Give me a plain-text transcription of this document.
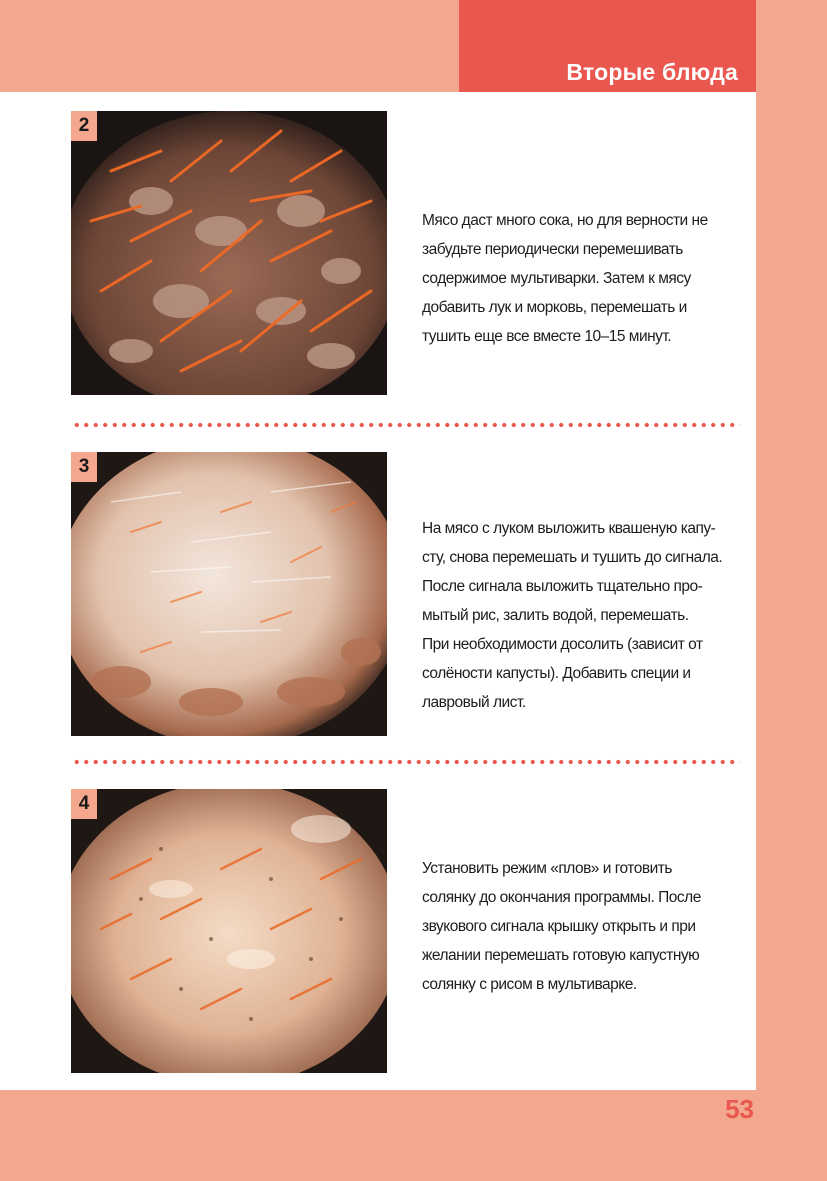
Вторые блюда
2
Мясо даст много сока, но для верности не
забудьте периодически перемешивать
содержимое мультиварки. Затем к мясу
добавить лук и морковь, перемешать и
тушить еще все вместе 10–15 минут.
3
На мясо с луком выложить квашеную капу-
сту, снова перемешать и тушить до сигнала.
После сигнала выложить тщательно про-
мытый рис, залить водой, перемешать.
При необходимости досолить (зависит от
солёности капусты). Добавить специи и
лавровый лист.
4
Установить режим «плов» и готовить
солянку до окончания программы. После
звукового сигнала крышку открыть и при
желании перемешать готовую капустную
солянку с рисом в мультиварке.
53
